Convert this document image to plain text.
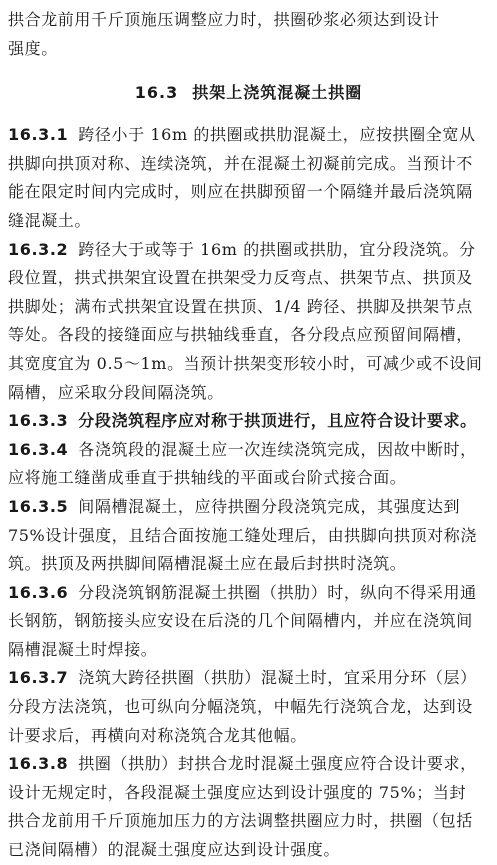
拱合龙前用千斤顶施压调整应力时，拱圈砂浆必须达到设计
强度。
16.3 拱架上浇筑混凝土拱圈
16.3.1 跨径小于 16m 的拱圈或拱肋混凝土，应按拱圈全宽从
拱脚向拱顶对称、连续浇筑，并在混凝土初凝前完成。当预计不
能在限定时间内完成时，则应在拱脚预留一个隔缝并最后浇筑隔
缝混凝土。
16.3.2 跨径大于或等于 16m 的拱圈或拱肋，宜分段浇筑。分
段位置，拱式拱架宜设置在拱架受力反弯点、拱架节点、拱顶及
拱脚处；满布式拱架宜设置在拱顶、1/4 跨径、拱脚及拱架节点
等处。各段的接缝面应与拱轴线垂直，各分段点应预留间隔槽，
其宽度宜为 0.5～1m。当预计拱架变形较小时，可减少或不设间
隔槽，应采取分段间隔浇筑。
16.3.3 分段浇筑程序应对称于拱顶进行，且应符合设计要求。
16.3.4 各浇筑段的混凝土应一次连续浇筑完成，因故中断时，
应将施工缝凿成垂直于拱轴线的平面或台阶式接合面。
16.3.5 间隔槽混凝土，应待拱圈分段浇筑完成，其强度达到
75%设计强度，且结合面按施工缝处理后，由拱脚向拱顶对称浇
筑。拱顶及两拱脚间隔槽混凝土应在最后封拱时浇筑。
16.3.6 分段浇筑钢筋混凝土拱圈（拱肋）时，纵向不得采用通
长钢筋，钢筋接头应安设在后浇的几个间隔槽内，并应在浇筑间
隔槽混凝土时焊接。
16.3.7 浇筑大跨径拱圈（拱肋）混凝土时，宜采用分环（层）
分段方法浇筑，也可纵向分幅浇筑，中幅先行浇筑合龙，达到设
计要求后，再横向对称浇筑合龙其他幅。
16.3.8 拱圈（拱肋）封拱合龙时混凝土强度应符合设计要求，
设计无规定时，各段混凝土强度应达到设计强度的 75%；当封
拱合龙前用千斤顶施加压力的方法调整拱圈应力时，拱圈（包括
已浇间隔槽）的混凝土强度应达到设计强度。
